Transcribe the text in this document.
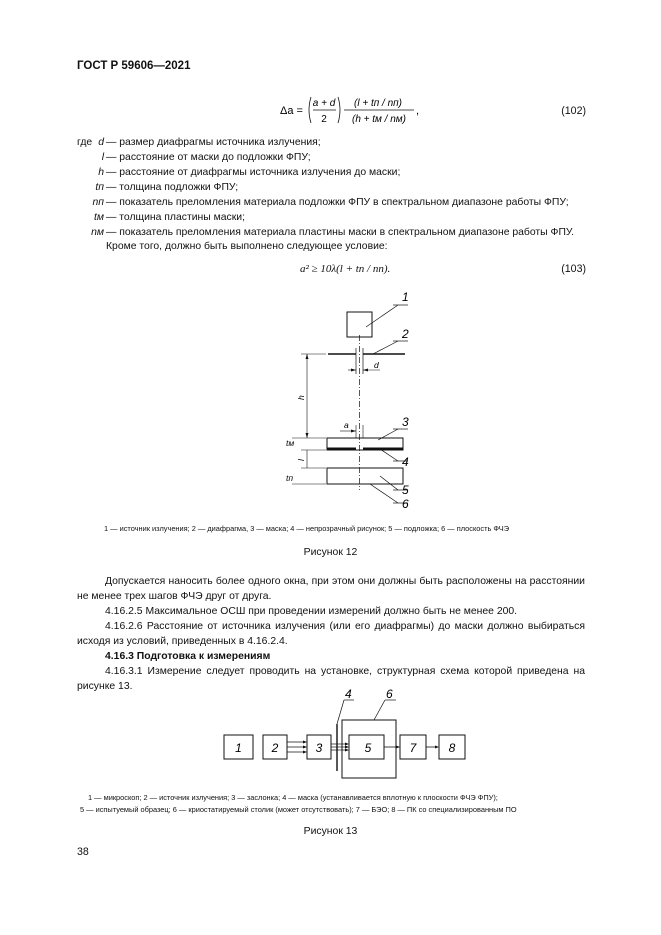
ГОСТ Р 59606—2021
Δa =
a + d
2
(l + tп / nп)
(h + tм / nм)
,	(102)
где d — размер диафрагмы источника излучения;
l — расстояние от маски до подложки ФПУ;
h — расстояние от диафрагмы источника излучения до маски;
tп — толщина подложки ФПУ;
nп — показатель преломления материала подложки ФПУ в спектральном диапазоне работы ФПУ;
tм — толщина пластины маски;
nм — показатель преломления материала пластины маски в спектральном диапазоне работы ФПУ.
Кроме того, должно быть выполнено следующее условие:
a² ≥ 10λ(l + tп / nп).	(103)
1
2
3
4
5
6
d
a
h
l
tм
tп
1 — источник излучения; 2 — диафрагма, 3 — маска; 4 — непрозрачный рисунок; 5 — подложка; 6 — плоскость ФЧЭ
Рисунок 12
Допускается наносить более одного окна, при этом они должны быть расположены на расстоянии не менее трех шагов ФЧЭ друг от друга.
4.16.2.5 Максимальное ОСШ при проведении измерений должно быть не менее 200.
4.16.2.6 Расстояние от источника излучения (или его диафрагмы) до маски должно выбираться исходя из условий, приведенных в 4.16.2.4.
4.16.3 Подготовка к измерениям
4.16.3.1 Измерение следует проводить на установке, структурная схема которой приведена на рисунке 13.
1 2	3	5	7	8
4	6
1 — микроскоп; 2 — источник излучения; 3 — заслонка; 4 — маска (устанавливается вплотную к плоскости ФЧЭ ФПУ);
5 — испытуемый образец; 6 — криостатируемый столик (может отсутствовать); 7 — БЭО; 8 — ПК со специализированным ПО
Рисунок 13
38
